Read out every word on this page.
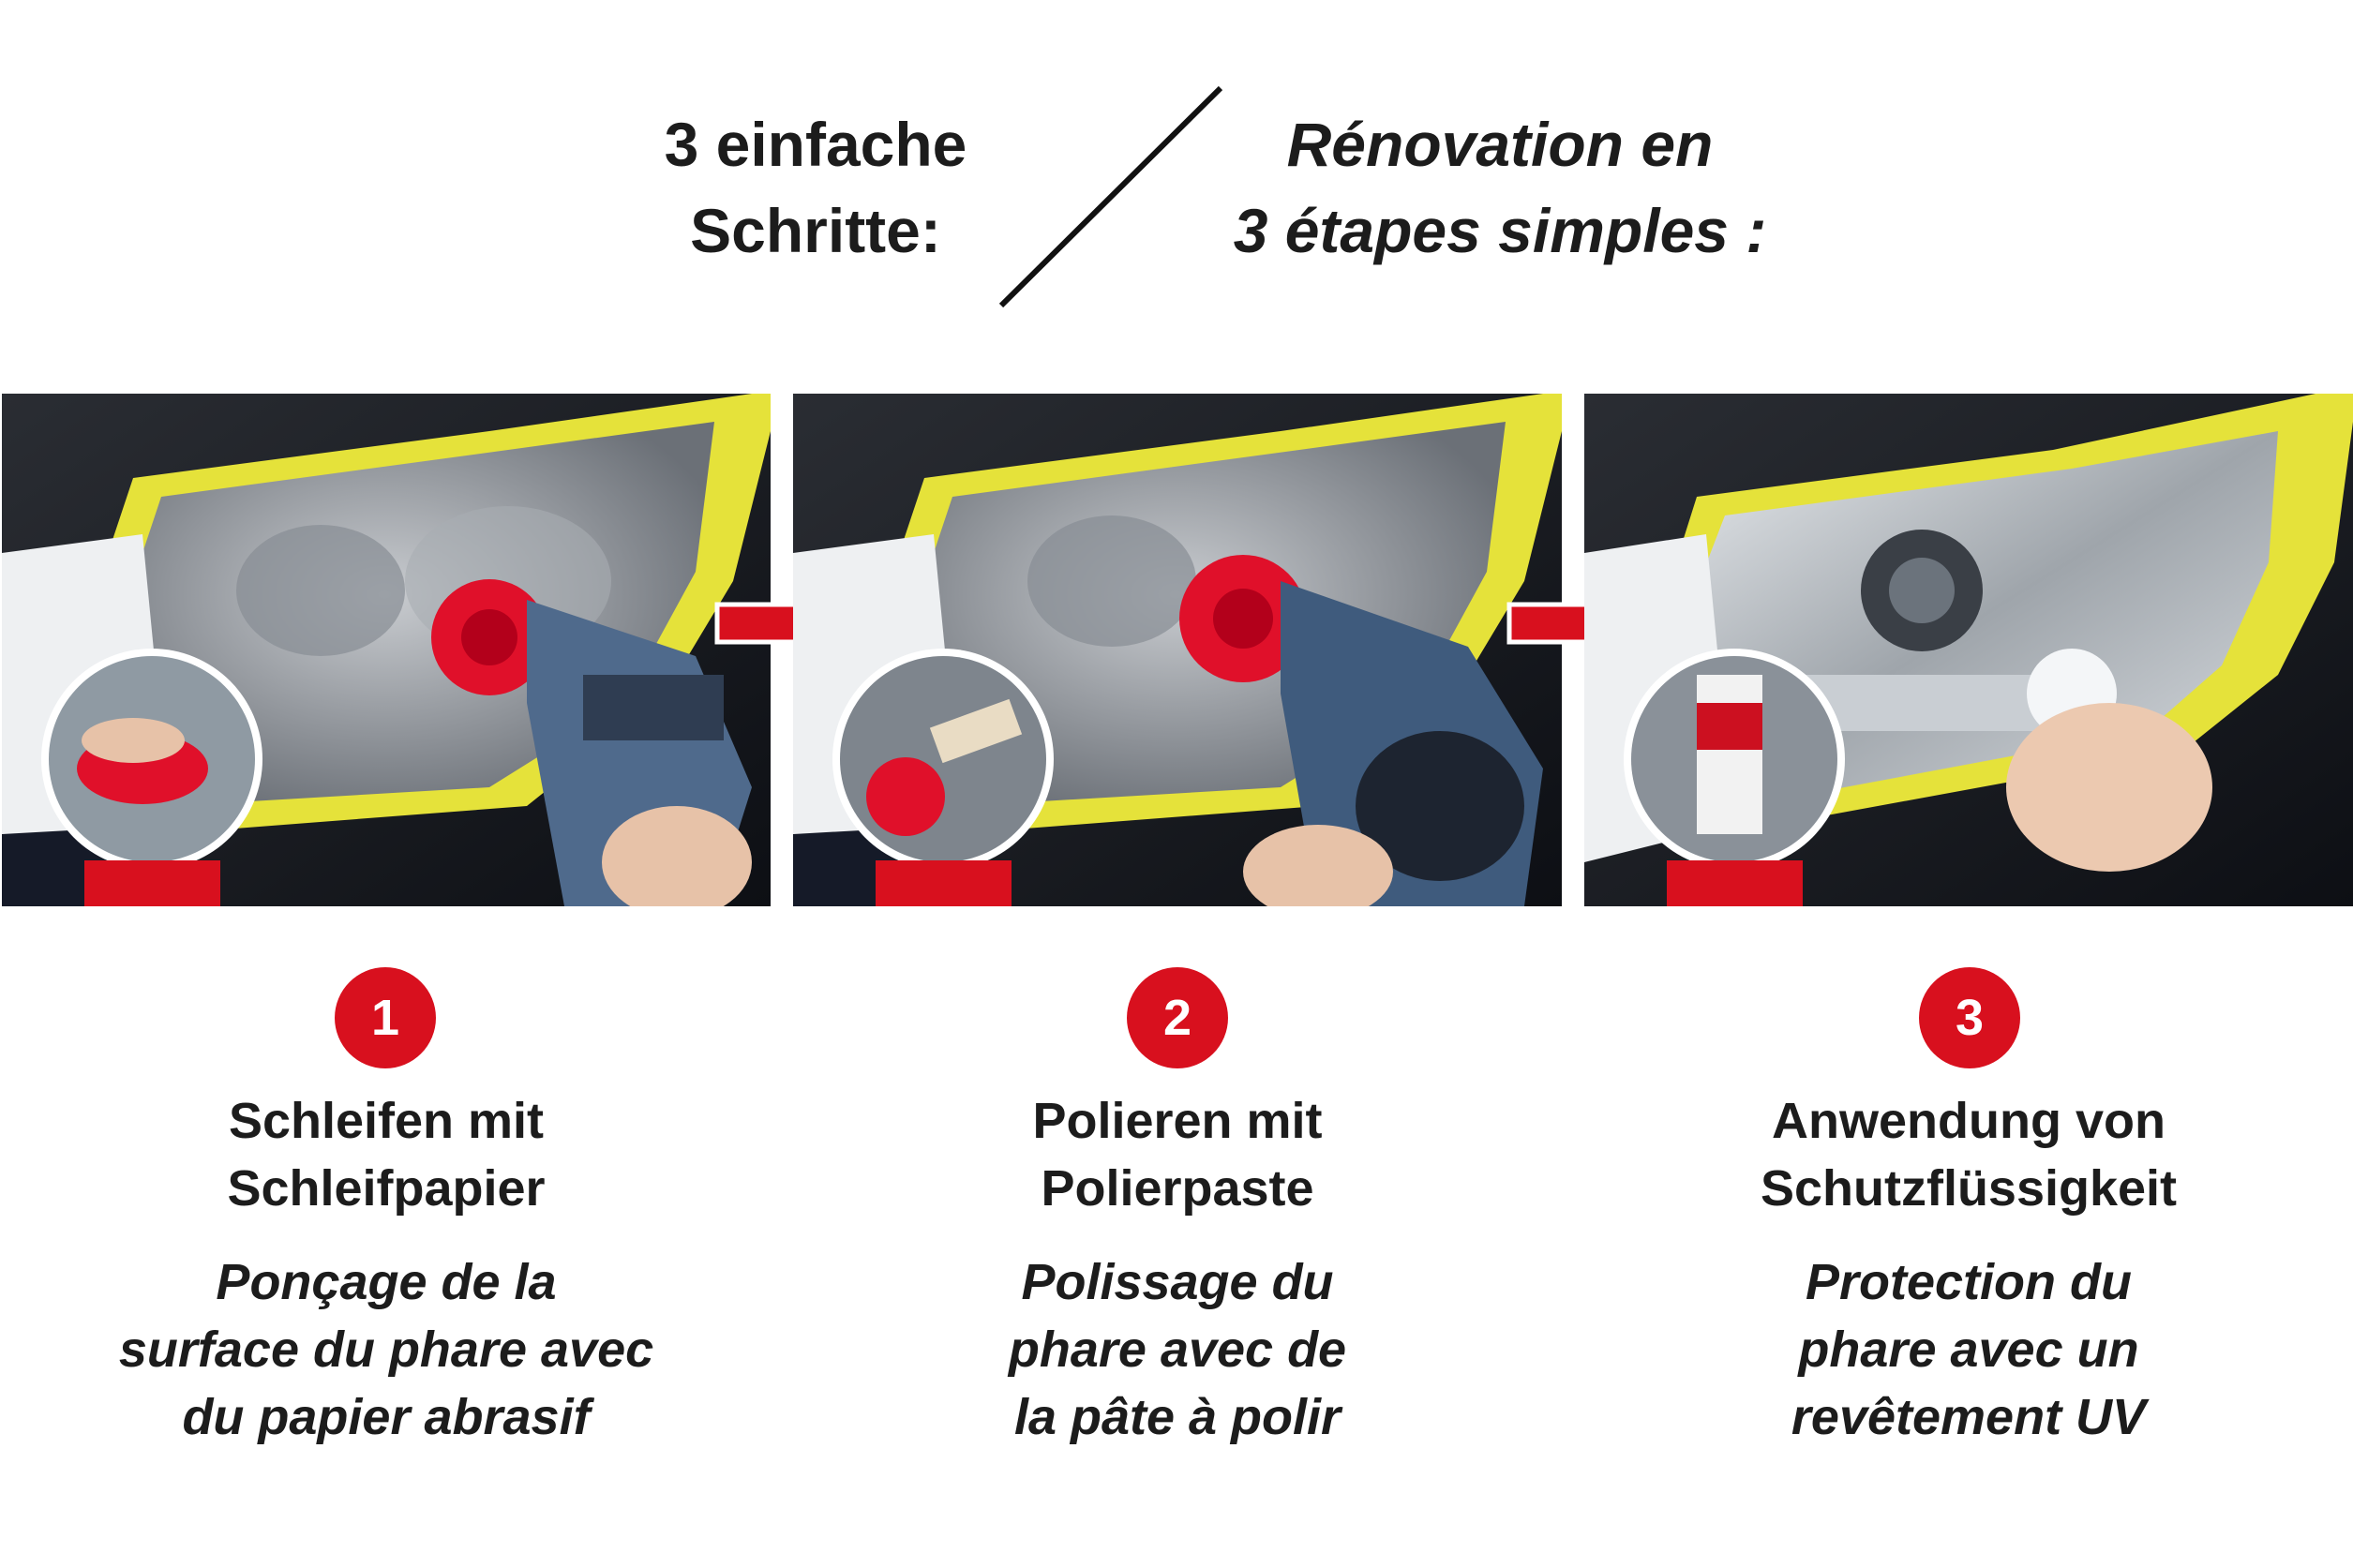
3 einfache
Schritte:
Rénovation en
3 étapes simples :
1
Schleifen mit
Schleifpapier
Ponçage de la
surface du phare avec
du papier abrasif
2
Polieren mit
Polierpaste
Polissage du
phare avec de
la pâte à polir
3
Anwendung von
Schutzflüssigkeit
Protection du
phare avec un
revêtement UV
